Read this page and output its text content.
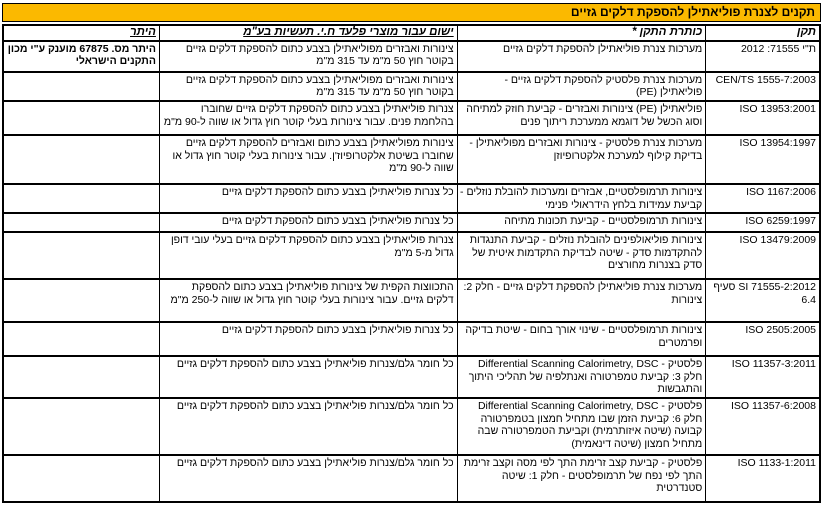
תקנים לצנרת פוליאתילן להספקת דלקים גזיים
תקן	כותרת התקן *	ישום עבור מוצרי פלעד ח.י. תעשיות בע"מ	היתר
ת"י 71555: 2012	מערכות צנרת פוליאתילן להספקת דלקים גזיים	צינורות ואבזרים מפוליאתילן בצבע כתום להספקת דלקים גזיים בקוטר חוץ 50 מ"מ עד 315 מ"מ	היתר מס. 67875 מוענק ע"י מכון התקנים הישראלי
CEN/TS 1555-7:2003	מערכות צנרת פלסטיק להספקת דלקים גזיים - פוליאתילן (PE)	צינורות ואבזרים מפוליאתילן בצבע כתום להספקת דלקים גזיים בקוטר חוץ 50 מ"מ עד 315 מ"מ	
ISO 13953:2001	פוליאתילן (PE) צינורות ואבזרים - קביעת חוזק למתיחה וסוג הכשל של דוגמא ממערכת ריתוך פנים	צנרות פוליאתילן בצבע כתום להספקת דלקים גזיים שחוברו בהלחמת פנים. עבור צינורות בעלי קוטר חוץ גדול או שווה ל-90 מ"מ	
ISO 13954:1997	מערכות צנרת פלסטיק - צינורות ואבזרים מפוליאתילן - בדיקת קילוף למערכת אלקטרופיוזן	צינורות מפוליאתילן בצבע כתום ואבזרים להספקת דלקים גזיים שחוברו בשיטת אלקטרופיוז'ן. עבור צינורות בעלי קוטר חוץ גדול או שווה ל-90 מ"מ	
ISO 1167:2006	צינורות תרמופלסטיים, אבזרים ומערכות להובלת נוזלים - קביעת עמידות בלחץ הידראולי פנימי	כל צנרות פוליאתילן בצבע כתום להספקת דלקים גזיים	
ISO 6259:1997	צינורות תרמופלסטיים - קביעת תכונות מתיחה	כל צנרות פוליאתילן בצבע כתום להספקת דלקים גזיים	
ISO 13479:2009	צינורות פוליאולפינים להובלת נוזלים - קביעת התנגדות להתקדמות סדק - שיטה לבדיקת התקדמות איטית של סדק בצנרות מחורצים	צנרות פוליאתילן בצבע כתום להספקת דלקים גזיים בעלי עובי דופן גדול מ-5 מ"מ	
SI 71555-2:2012 סעיף 6.4	מערכות צנרת פוליאתילן להספקת דלקים גזיים - חלק 2: צינורות	התכווצות הקפית של צינורות פוליאתילן בצבע כתום להספקת דלקים גזיים. עבור צינורות בעלי קוטר חוץ גדול או שווה ל-250 מ"מ	
ISO 2505:2005	צינורות תרמופלסטיים - שינוי אורך בחום - שיטת בדיקה ופרמטרים	כל צנרות פוליאתילן בצבע כתום להספקת דלקים גזיים	
ISO 11357-3:2011	פלסטיק - Differential Scanning Calorimetry, DSC חלק 3: קביעת טמפרטורה ואנתלפיה של תהליכי היתוך והתגבשות	כל חומר גלם/צנרות פוליאתילן בצבע כתום להספקת דלקים גזיים	
ISO 11357-6:2008	פלסטיק - Differential Scanning Calorimetry, DSC חלק 6: קביעת הזמן שבו מתחיל חמצון בטמפרטורה קבועה (שיטה איזותרמית) וקביעת הטמפרטורה שבה מתחיל חמצון (שיטה דינאמית)	כל חומר גלם/צנרות פוליאתילן בצבע כתום להספקת דלקים גזיים	
ISO 1133-1:2011	פלסטיק - קביעת קצב זרימת התך לפי מסה וקצב זרימת התך לפי נפח של תרמופלסטים - חלק 1: שיטה סטנדרטית	כל חומר גלם/צנרות פוליאתילן בצבע כתום להספקת דלקים גזיים	
